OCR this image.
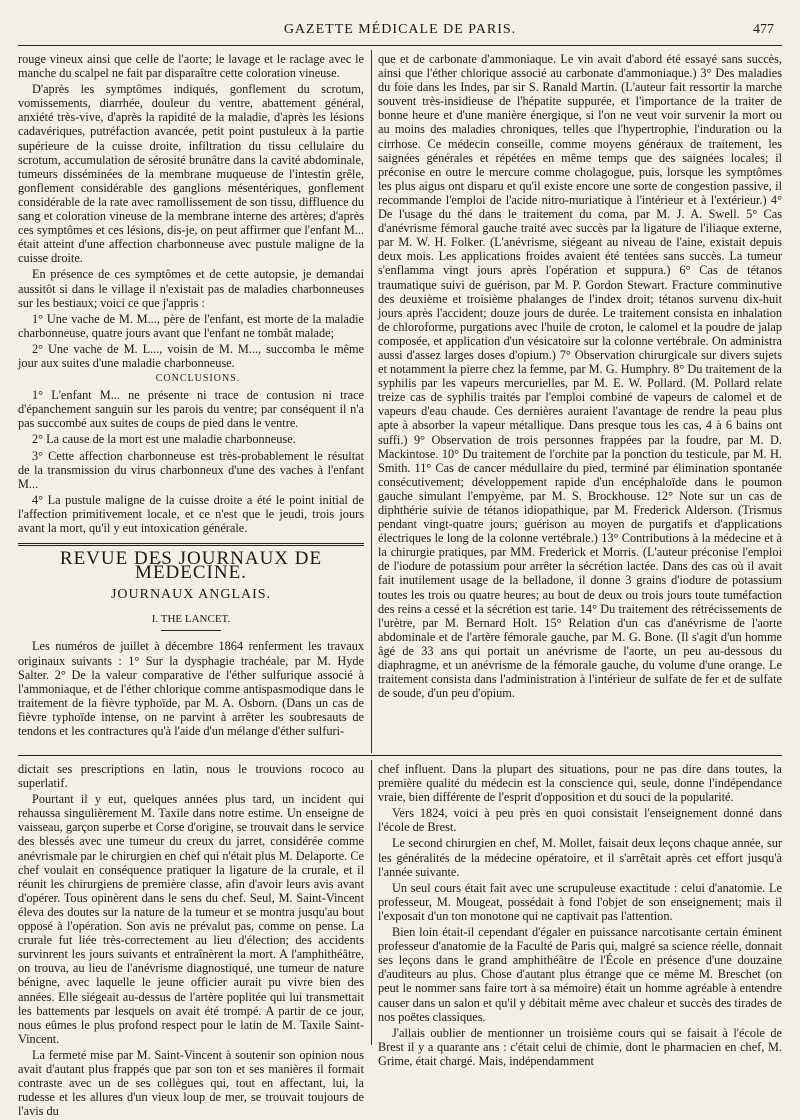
GAZETTE MÉDICALE DE PARIS.	477

rouge vineux ainsi que celle de l'aorte; le lavage et le raclage avec le manche du scalpel ne fait par disparaître cette coloration vineuse.

D'après les symptômes indiqués, gonflement du scrotum, vomissements, diarrhée, douleur du ventre, abattement général, anxiété très-vive, d'après la rapidité de la maladie, d'après les lésions cadavériques, putréfaction avancée, petit point pustuleux à la partie supérieure de la cuisse droite, infiltration du tissu cellulaire du scrotum, accumulation de sérosité brunâtre dans la cavité abdominale, tumeurs disséminées de la membrane muqueuse de l'intestin grêle, gonflement considérable des ganglions mésentériques, gonflement considérable de la rate avec ramollissement de son tissu, diffluence du sang et coloration vineuse de la membrane interne des artères; d'après ces symptômes et ces lésions, dis-je, on peut affirmer que l'enfant M... était atteint d'une affection charbonneuse avec pustule maligne de la cuisse droite.

En présence de ces symptômes et de cette autopsie, je demandai aussitôt si dans le village il n'existait pas de maladies charbonneuses sur les bestiaux; voici ce que j'appris :

1° Une vache de M. M..., père de l'enfant, est morte de la maladie charbonneuse, quatre jours avant que l'enfant ne tombât malade;

2° Une vache de M. L..., voisin de M. M..., succomba le même jour aux suites d'une maladie charbonneuse.

CONCLUSIONS.

1° L'enfant M... ne présente ni trace de contusion ni trace d'épanchement sanguin sur les parois du ventre; par conséquent il n'a pas succombé aux suites de coups de pied dans le ventre.

2° La cause de la mort est une maladie charbonneuse.

3° Cette affection charbonneuse est très-probablement le résultat de la transmission du virus charbonneux d'une des vaches à l'enfant M...

4° La pustule maligne de la cuisse droite a été le point initial de l'affection primitivement locale, et ce n'est que le jeudi, trois jours avant la mort, qu'il y eut intoxication générale.

REVUE DES JOURNAUX DE MÉDECINE.
JOURNAUX ANGLAIS.
I. THE LANCET.

Les numéros de juillet à décembre 1864 renferment les travaux originaux suivants : 1° Sur la dysphagie trachéale, par M. Hyde Salter. 2° De la valeur comparative de l'éther sulfurique associé à l'ammoniaque, et de l'éther chlorique comme antispasmodique dans le traitement de la fièvre typhoïde, par M. A. Osborn. (Dans un cas de fièvre typhoïde intense, on ne parvint à arrêter les soubresauts de tendons et les contractures qu'à l'aide d'un mélange d'éther sulfuri-

que et de carbonate d'ammoniaque. Le vin avait d'abord été essayé sans succès, ainsi que l'éther chlorique associé au carbonate d'ammoniaque.) 3° Des maladies du foie dans les Indes, par sir S. Ranald Martin. (L'auteur fait ressortir la marche souvent très-insidieuse de l'hépatite suppurée, et l'importance de la traiter de bonne heure et d'une manière énergique, si l'on ne veut voir survenir la mort ou au moins des maladies chroniques, telles que l'hypertrophie, l'induration ou la cirrhose. Ce médecin conseille, comme moyens généraux de traitement, les saignées générales et répétées en même temps que des saignées locales; il préconise en outre le mercure comme cholagogue, puis, lorsque les symptômes les plus aigus ont disparu et qu'il existe encore une sorte de congestion passive, il recommande l'emploi de l'acide nitro-muriatique à l'intérieur et à l'extérieur.) 4° De l'usage du thé dans le traitement du coma, par M. J. A. Swell. 5° Cas d'anévrisme fémoral gauche traité avec succès par la ligature de l'iliaque externe, par M. W. H. Folker. (L'anévrisme, siégeant au niveau de l'aine, existait depuis deux mois. Les applications froides avaient été tentées sans succès. La tumeur s'enflamma vingt jours après l'opération et suppura.) 6° Cas de tétanos traumatique suivi de guérison, par M. P. Gordon Stewart. Fracture comminutive des deuxième et troisième phalanges de l'index droit; tétanos survenu dix-huit jours après l'accident; douze jours de durée. Le traitement consista en inhalation de chloroforme, purgations avec l'huile de croton, le calomel et la poudre de jalap composée, et application d'un vésicatoire sur la colonne vertébrale. On administra aussi d'assez larges doses d'opium.) 7° Observation chirurgicale sur divers sujets et notamment la pierre chez la femme, par M. G. Humphry. 8° Du traitement de la syphilis par les vapeurs mercurielles, par M. E. W. Pollard. (M. Pollard relate treize cas de syphilis traités par l'emploi combiné de vapeurs de calomel et de vapeurs d'eau chaude. Ces dernières auraient l'avantage de rendre la peau plus apte à absorber la vapeur métallique. Dans presque tous les cas, 4 à 6 bains ont suffi.) 9° Observation de trois personnes frappées par la foudre, par M. D. Mackintose. 10° Du traitement de l'orchite par la ponction du testicule, par M. H. Smith. 11° Cas de cancer médullaire du pied, terminé par élimination spontanée consécutivement; développement rapide d'un encéphaloïde dans le poumon gauche simulant l'empyème, par M. S. Brockhouse. 12° Note sur un cas de diphthérie suivie de tétanos idiopathique, par M. Frederick Alderson. (Trismus pendant vingt-quatre jours; guérison au moyen de purgatifs et d'applications électriques le long de la colonne vertébrale.) 13° Contributions à la médecine et à la chirurgie pratiques, par MM. Frederick et Morris. (L'auteur préconise l'emploi de l'iodure de potassium pour arrêter la sécrétion lactée. Dans des cas où il avait fait inutilement usage de la belladone, il donne 3 grains d'iodure de potassium toutes les trois ou quatre heures; au bout de deux ou trois jours toute tuméfaction des reins a cessé et la sécrétion est tarie. 14° Du traitement des rétrécissements de l'urètre, par M. Bernard Holt. 15° Relation d'un cas d'anévrisme de l'aorte abdominale et de l'artère fémorale gauche, par M. G. Bone. (Il s'agit d'un homme âgé de 33 ans qui portait un anévrisme de l'aorte, un peu au-dessous du diaphragme, et un anévrisme de la fémorale gauche, du volume d'une orange. Le traitement consista dans l'administration à l'intérieur de sulfate de fer et de sulfate de soude, d'un peu d'opium.

dictait ses prescriptions en latin, nous le trouvions rococo au superlatif.

Pourtant il y eut, quelques années plus tard, un incident qui rehaussa singulièrement M. Taxile dans notre estime. Un enseigne de vaisseau, garçon superbe et Corse d'origine, se trouvait dans le service des blessés avec une tumeur du creux du jarret, considérée comme anévrismale par le chirurgien en chef qui n'était plus M. Delaporte. Ce chef voulait en conséquence pratiquer la ligature de la crurale, et il réunit les chirurgiens de première classe, afin d'avoir leurs avis avant d'opérer. Tous opinèrent dans le sens du chef. Seul, M. Saint-Vincent éleva des doutes sur la nature de la tumeur et se montra jusqu'au bout opposé à l'opération. Son avis ne prévalut pas, comme on pense. La crurale fut liée très-correctement au lieu d'élection; des accidents survinrent les jours suivants et entraînèrent la mort. A l'amphithéâtre, on trouva, au lieu de l'anévrisme diagnostiqué, une tumeur de nature bénigne, avec laquelle le jeune officier aurait pu vivre bien des années. Elle siégeait au-dessus de l'artère poplitée qui lui transmettait les battements par lesquels on avait été trompé. A partir de ce jour, nous eûmes le plus profond respect pour le latin de M. Taxile Saint-Vincent.

La fermeté mise par M. Saint-Vincent à soutenir son opinion nous avait d'autant plus frappés que par son ton et ses manières il formait contraste avec un de ses collègues qui, tout en affectant, lui, la rudesse et les allures d'un vieux loup de mer, se trouvait toujours de l'avis du

chef influent. Dans la plupart des situations, pour ne pas dire dans toutes, la première qualité du médecin est la conscience qui, seule, donne l'indépendance vraie, bien différente de l'esprit d'opposition et du souci de la popularité.

Vers 1824, voici à peu près en quoi consistait l'enseignement donné dans l'école de Brest.

Le second chirurgien en chef, M. Mollet, faisait deux leçons chaque année, sur les généralités de la médecine opératoire, et il s'arrêtait après cet effort jusqu'à l'année suivante.

Un seul cours était fait avec une scrupuleuse exactitude : celui d'anatomie. Le professeur, M. Mougeat, possédait à fond l'objet de son enseignement; mais il l'exposait d'un ton monotone qui ne captivait pas l'attention.

Bien loin était-il cependant d'égaler en puissance narcotisante certain éminent professeur d'anatomie de la Faculté de Paris qui, malgré sa science réelle, donnait ses leçons dans le grand amphithéâtre de l'École en présence d'une douzaine d'auditeurs au plus. Chose d'autant plus étrange que ce même M. Breschet (on peut le nommer sans faire tort à sa mémoire) était un homme agréable à entendre causer dans un salon et qu'il y débitait même avec chaleur et succès des tirades de nos poëtes classiques.

J'allais oublier de mentionner un troisième cours qui se faisait à l'école de Brest il y a quarante ans : c'était celui de chimie, dont le pharmacien en chef, M. Grime, était chargé. Mais, indépendamment
